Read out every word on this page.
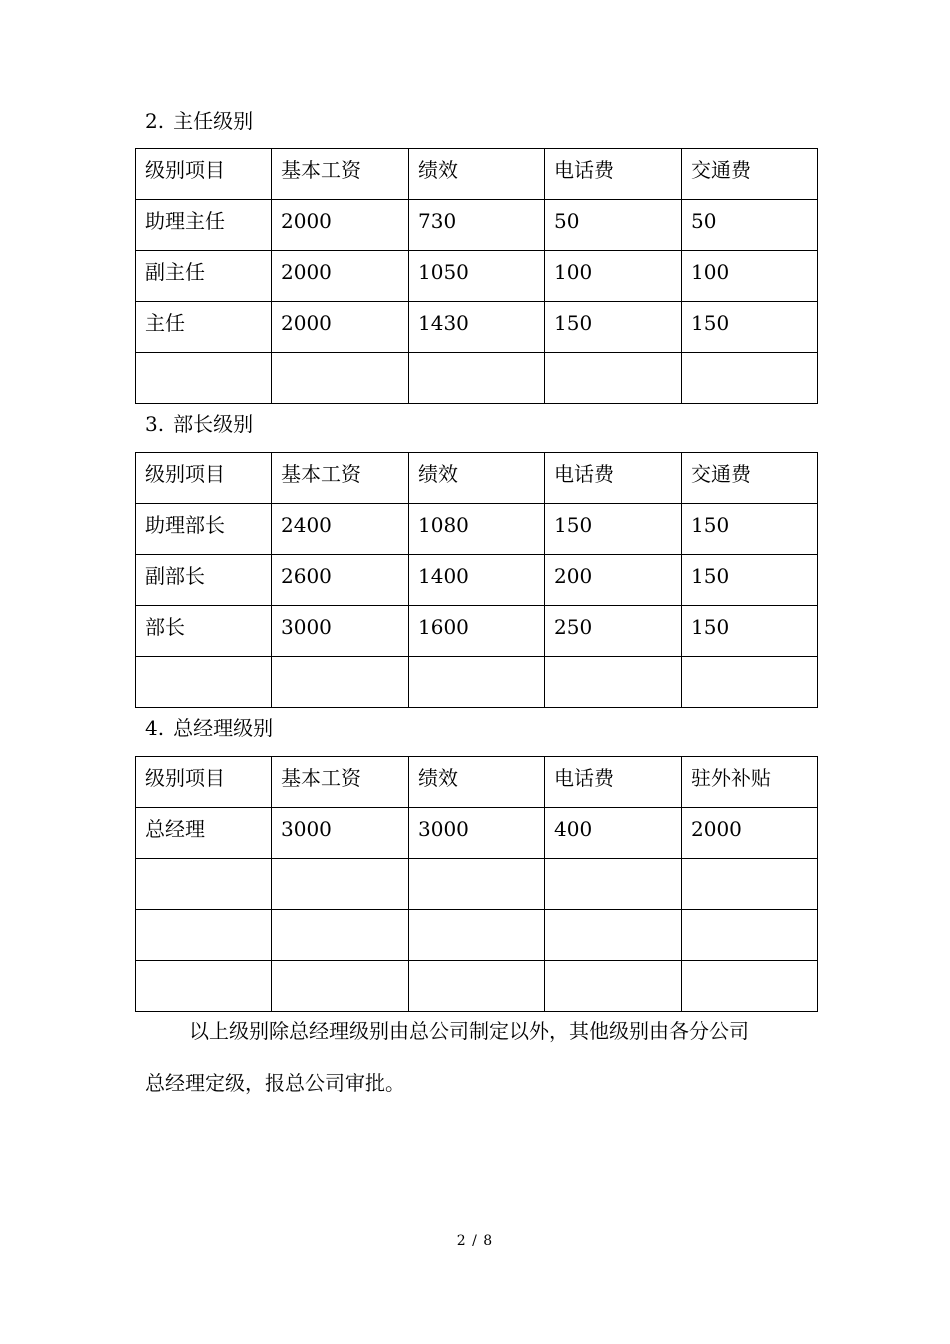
2. 主任级别
级别项目	基本工资	绩效	电话费	交通费
助理主任	2000	730	50	50
副主任	2000	1050	100	100
主任	2000	1430	150	150

3. 部长级别
级别项目	基本工资	绩效	电话费	交通费
助理部长	2400	1080	150	150
副部长	2600	1400	200	150
部长	3000	1600	250	150

4. 总经理级别
级别项目	基本工资	绩效	电话费	驻外补贴
总经理	3000	3000	400	2000

以上级别除总经理级别由总公司制定以外，其他级别由各分公司
总经理定级，报总公司审批。
2 / 8
